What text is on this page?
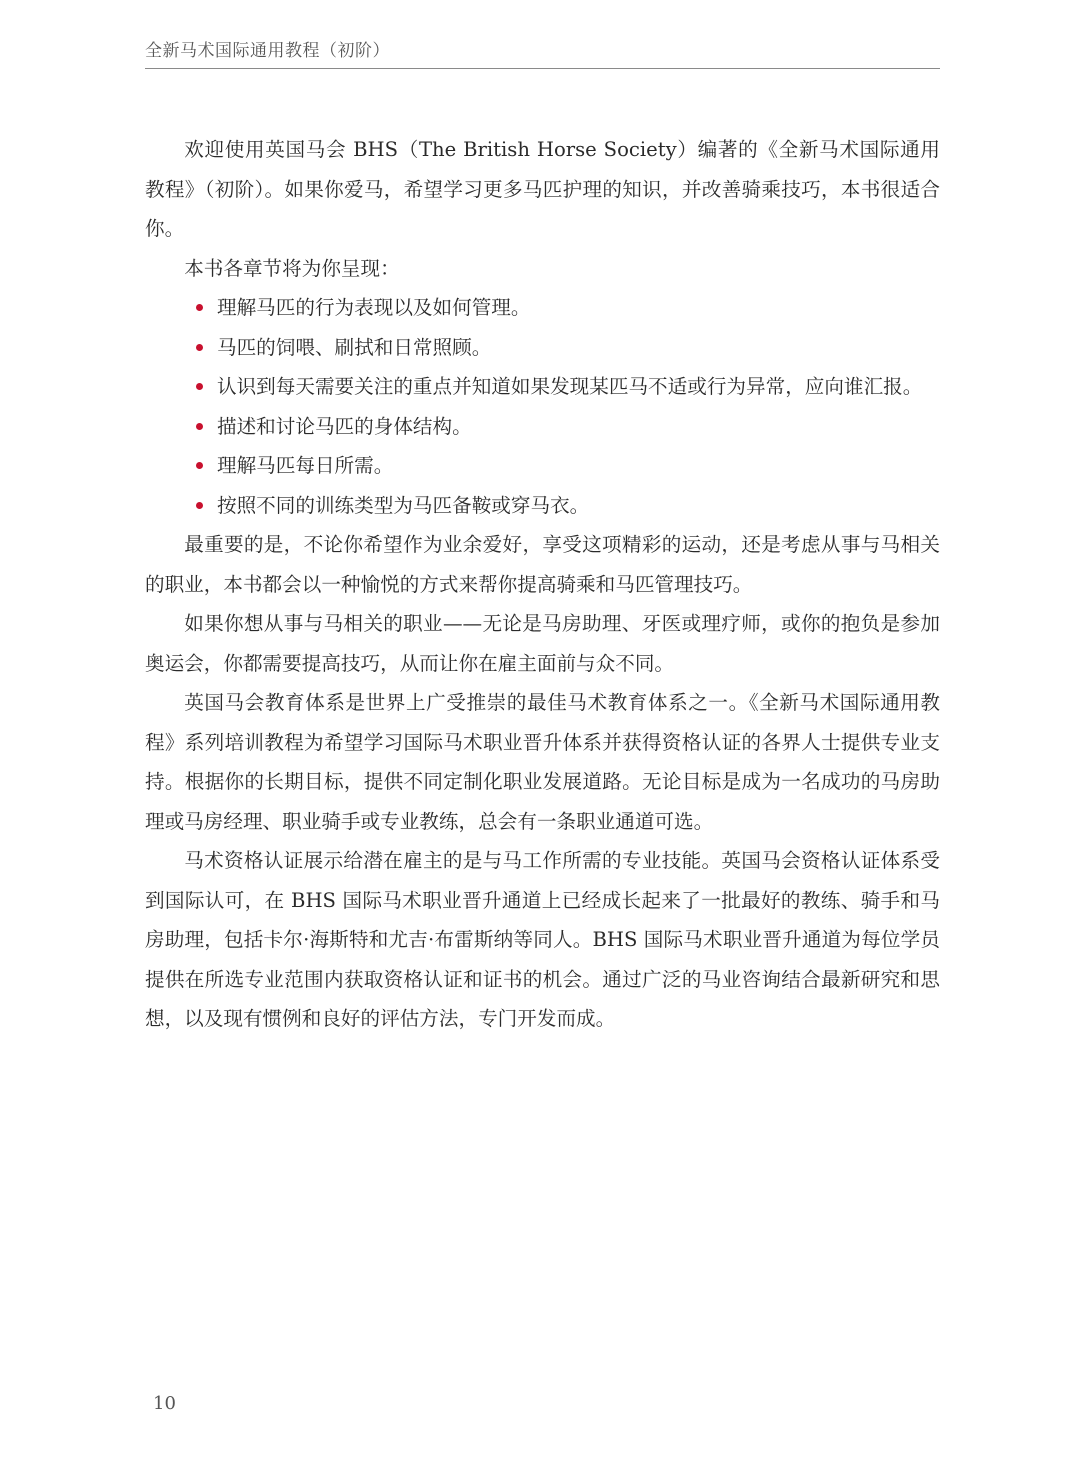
全新马术国际通用教程（初阶）

欢迎使用英国马会 BHS（The British Horse Society）编著的《全新马术国际通用教程》（初阶）。如果你爱马，希望学习更多马匹护理的知识，并改善骑乘技巧，本书很适合你。

本书各章节将为你呈现：

理解马匹的行为表现以及如何管理。
马匹的饲喂、刷拭和日常照顾。
认识到每天需要关注的重点并知道如果发现某匹马不适或行为异常，应向谁汇报。
描述和讨论马匹的身体结构。
理解马匹每日所需。
按照不同的训练类型为马匹备鞍或穿马衣。

最重要的是，不论你希望作为业余爱好，享受这项精彩的运动，还是考虑从事与马相关的职业，本书都会以一种愉悦的方式来帮你提高骑乘和马匹管理技巧。

如果你想从事与马相关的职业——无论是马房助理、牙医或理疗师，或你的抱负是参加奥运会，你都需要提高技巧，从而让你在雇主面前与众不同。

英国马会教育体系是世界上广受推崇的最佳马术教育体系之一。《全新马术国际通用教程》系列培训教程为希望学习国际马术职业晋升体系并获得资格认证的各界人士提供专业支持。根据你的长期目标，提供不同定制化职业发展道路。无论目标是成为一名成功的马房助理或马房经理、职业骑手或专业教练，总会有一条职业通道可选。

马术资格认证展示给潜在雇主的是与马工作所需的专业技能。英国马会资格认证体系受到国际认可，在 BHS 国际马术职业晋升通道上已经成长起来了一批最好的教练、骑手和马房助理，包括卡尔·海斯特和尤吉·布雷斯纳等同人。BHS 国际马术职业晋升通道为每位学员提供在所选专业范围内获取资格认证和证书的机会。通过广泛的马业咨询结合最新研究和思想，以及现有惯例和良好的评估方法，专门开发而成。

10
